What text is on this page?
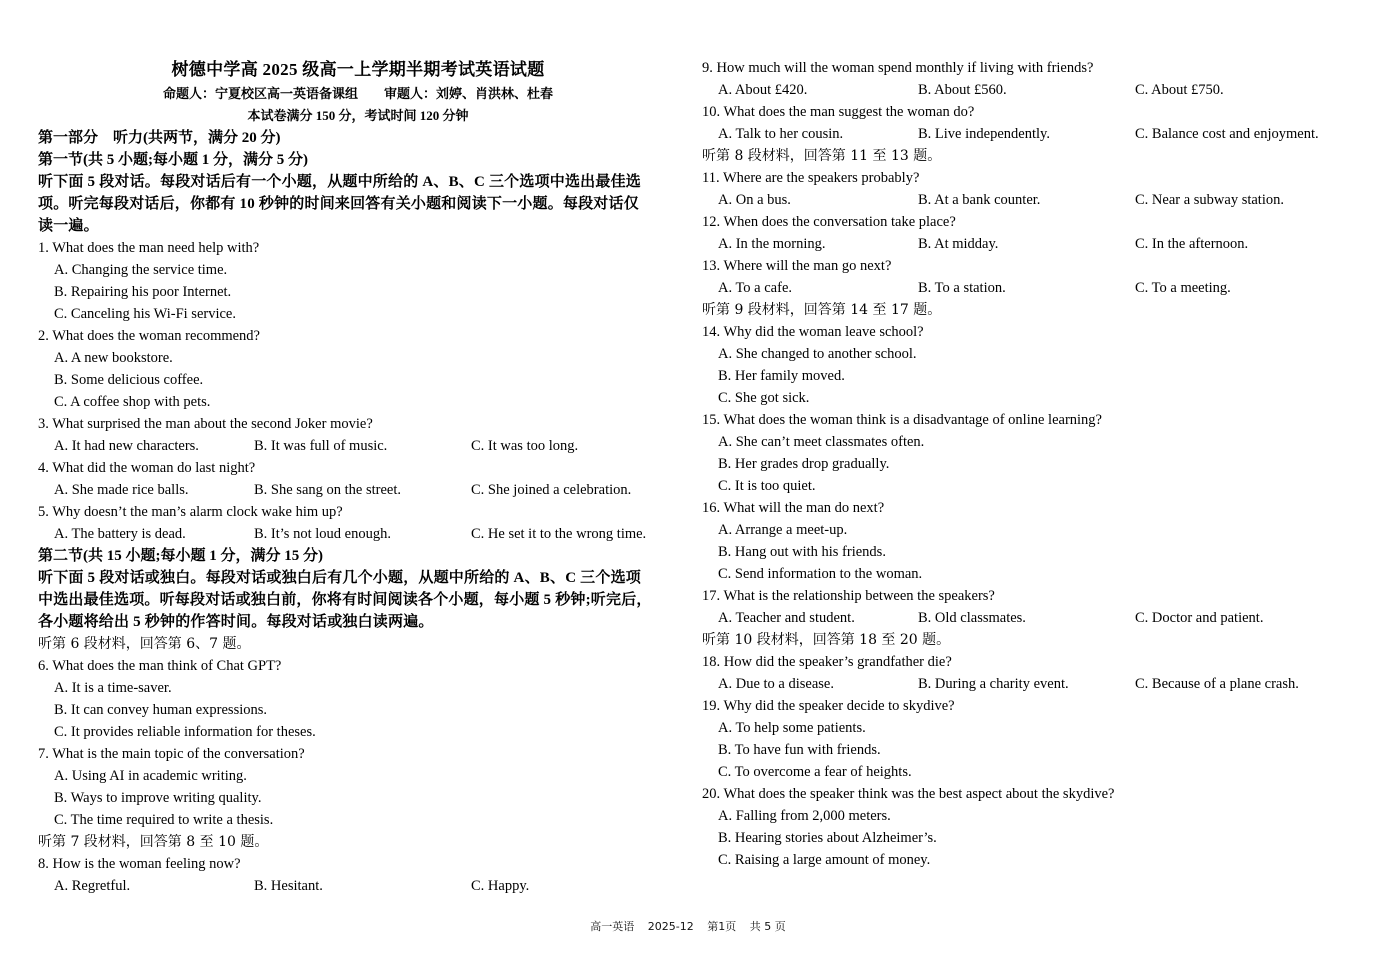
树德中学高 2025 级高一上学期半期考试英语试题
命题人：宁夏校区高一英语备课组　　审题人：刘婷、肖洪林、杜春
本试卷满分 150 分，考试时间 120 分钟
第一部分　听力(共两节，满分 20 分)
第一节(共 5 小题;每小题 1 分，满分 5 分)
听下面 5 段对话。每段对话后有一个小题，从题中所给的 A、B、C 三个选项中选出最佳选
项。听完每段对话后，你都有 10 秒钟的时间来回答有关小题和阅读下一小题。每段对话仅
读一遍。
1. What does the man need help with?
A. Changing the service time.
B. Repairing his poor Internet.
C. Canceling his Wi-Fi service.
2. What does the woman recommend?
A. A new bookstore.
B. Some delicious coffee.
C. A coffee shop with pets.
3. What surprised the man about the second Joker movie?
A. It had new characters.	B. It was full of music.	C. It was too long.
4. What did the woman do last night?
A. She made rice balls.	B. She sang on the street.	C. She joined a celebration.
5. Why doesn’t the man’s alarm clock wake him up?
A. The battery is dead.	B. It’s not loud enough.	C. He set it to the wrong time.
第二节(共 15 小题;每小题 1 分，满分 15 分)
听下面 5 段对话或独白。每段对话或独白后有几个小题，从题中所给的 A、B、C 三个选项
中选出最佳选项。听每段对话或独白前，你将有时间阅读各个小题，每小题 5 秒钟;听完后，
各小题将给出 5 秒钟的作答时间。每段对话或独白读两遍。
听第 6 段材料，回答第 6、7 题。
6. What does the man think of Chat GPT?
A. It is a time-saver.
B. It can convey human expressions.
C. It provides reliable information for theses.
7. What is the main topic of the conversation?
A. Using AI in academic writing.
B. Ways to improve writing quality.
C. The time required to write a thesis.
听第 7 段材料，回答第 8 至 10 题。
8. How is the woman feeling now?
A. Regretful.	B. Hesitant.	C. Happy.
9. How much will the woman spend monthly if living with friends?
A. About £420.	B. About £560.	C. About £750.
10. What does the man suggest the woman do?
A. Talk to her cousin.	B. Live independently.	C. Balance cost and enjoyment.
听第 8 段材料，回答第 11 至 13 题。
11. Where are the speakers probably?
A. On a bus.	B. At a bank counter.	C. Near a subway station.
12. When does the conversation take place?
A. In the morning.	B. At midday.	C. In the afternoon.
13. Where will the man go next?
A. To a cafe.	B. To a station.	C. To a meeting.
听第 9 段材料，回答第 14 至 17 题。
14. Why did the woman leave school?
A. She changed to another school.
B. Her family moved.
C. She got sick.
15. What does the woman think is a disadvantage of online learning?
A. She can’t meet classmates often.
B. Her grades drop gradually.
C. It is too quiet.
16. What will the man do next?
A. Arrange a meet-up.
B. Hang out with his friends.
C. Send information to the woman.
17. What is the relationship between the speakers?
A. Teacher and student.	B. Old classmates.	C. Doctor and patient.
听第 10 段材料，回答第 18 至 20 题。
18. How did the speaker’s grandfather die?
A. Due to a disease.	B. During a charity event.	C. Because of a plane crash.
19. Why did the speaker decide to skydive?
A. To help some patients.
B. To have fun with friends.
C. To overcome a fear of heights.
20. What does the speaker think was the best aspect about the skydive?
A. Falling from 2,000 meters.
B. Hearing stories about Alzheimer’s.
C. Raising a large amount of money.
高一英语 2025-12 第1页 共 5 页
